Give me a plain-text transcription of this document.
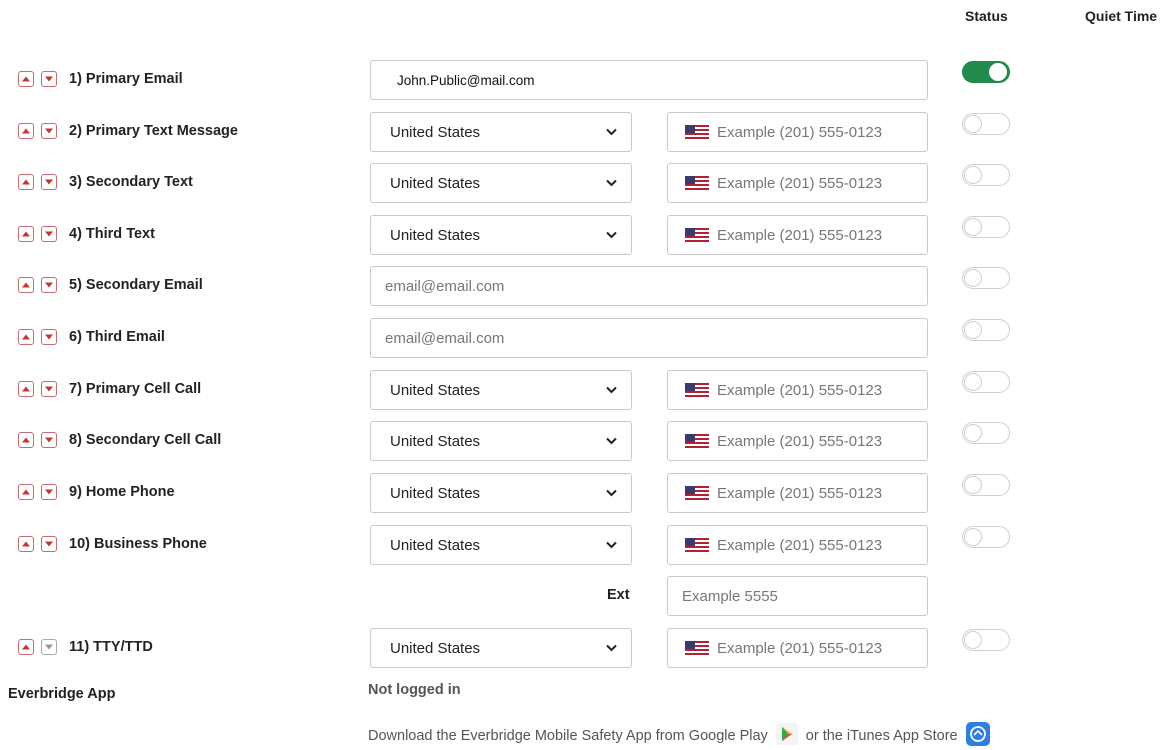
Status	Quiet Time
1) Primary Email	John.Public@mail.com
2) Primary Text Message	United States	Example (201) 555-0123
3) Secondary Text	United States	Example (201) 555-0123
4) Third Text	United States	Example (201) 555-0123
5) Secondary Email	email@email.com
6) Third Email	email@email.com
7) Primary Cell Call	United States	Example (201) 555-0123
8) Secondary Cell Call	United States	Example (201) 555-0123
9) Home Phone	United States	Example (201) 555-0123
10) Business Phone	United States	Example (201) 555-0123
Ext	Example 5555
11) TTY/TTD	United States	Example (201) 555-0123
Everbridge App	Not logged in
Download the Everbridge Mobile Safety App from Google Play	or the iTunes App Store
